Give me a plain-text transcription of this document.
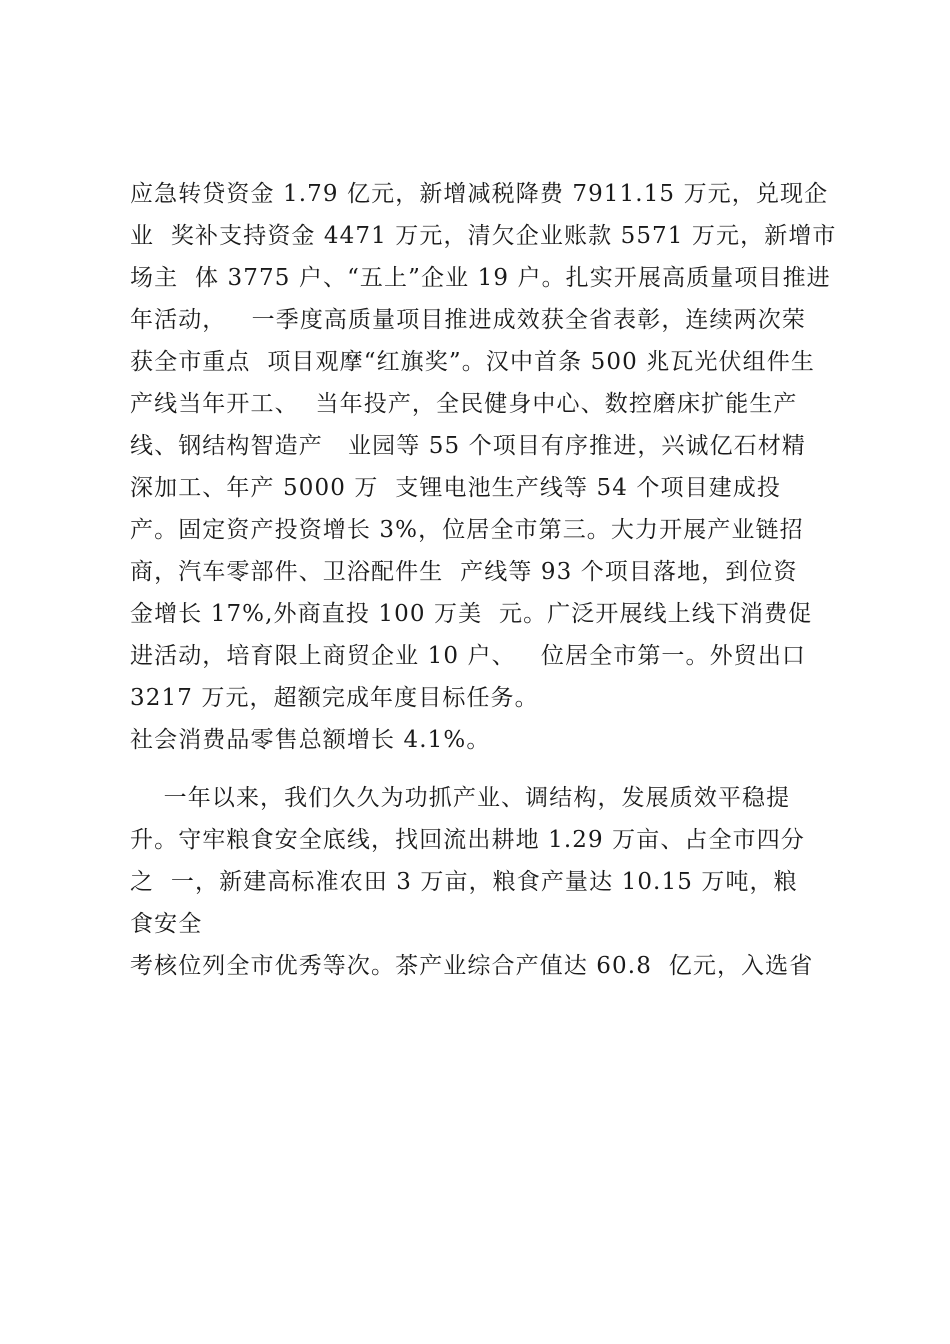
应急转贷资金 1.79 亿元，新增减税降费 7911.15 万元，兑现企
业  奖补支持资金 4471 万元，清欠企业账款 5571 万元，新增市
场主  体 3775 户、“五上”企业 19 户。扎实开展高质量项目推进
年活动，   一季度高质量项目推进成效获全省表彰，连续两次荣
获全市重点  项目观摩“红旗奖”。汉中首条 500 兆瓦光伏组件生
产线当年开工、  当年投产，全民健身中心、数控磨床扩能生产
线、钢结构智造产   业园等 55 个项目有序推进，兴诚亿石材精
深加工、年产 5000 万  支锂电池生产线等 54 个项目建成投
产。固定资产投资增长 3%，位居全市第三。大力开展产业链招
商，汽车零部件、卫浴配件生  产线等 93 个项目落地，到位资
金增长 17%,外商直投 100 万美  元。广泛开展线上线下消费促
进活动，培育限上商贸企业 10 户、   位居全市第一。外贸出口
3217 万元，超额完成年度目标任务。
社会消费品零售总额增长 4.1%。
一年以来，我们久久为功抓产业、调结构，发展质效平稳提
升。守牢粮食安全底线，找回流出耕地 1.29 万亩、占全市四分
之  一，新建高标准农田 3 万亩，粮食产量达 10.15 万吨，粮
食安全
考核位列全市优秀等次。茶产业综合产值达 60.8  亿元，入选省
